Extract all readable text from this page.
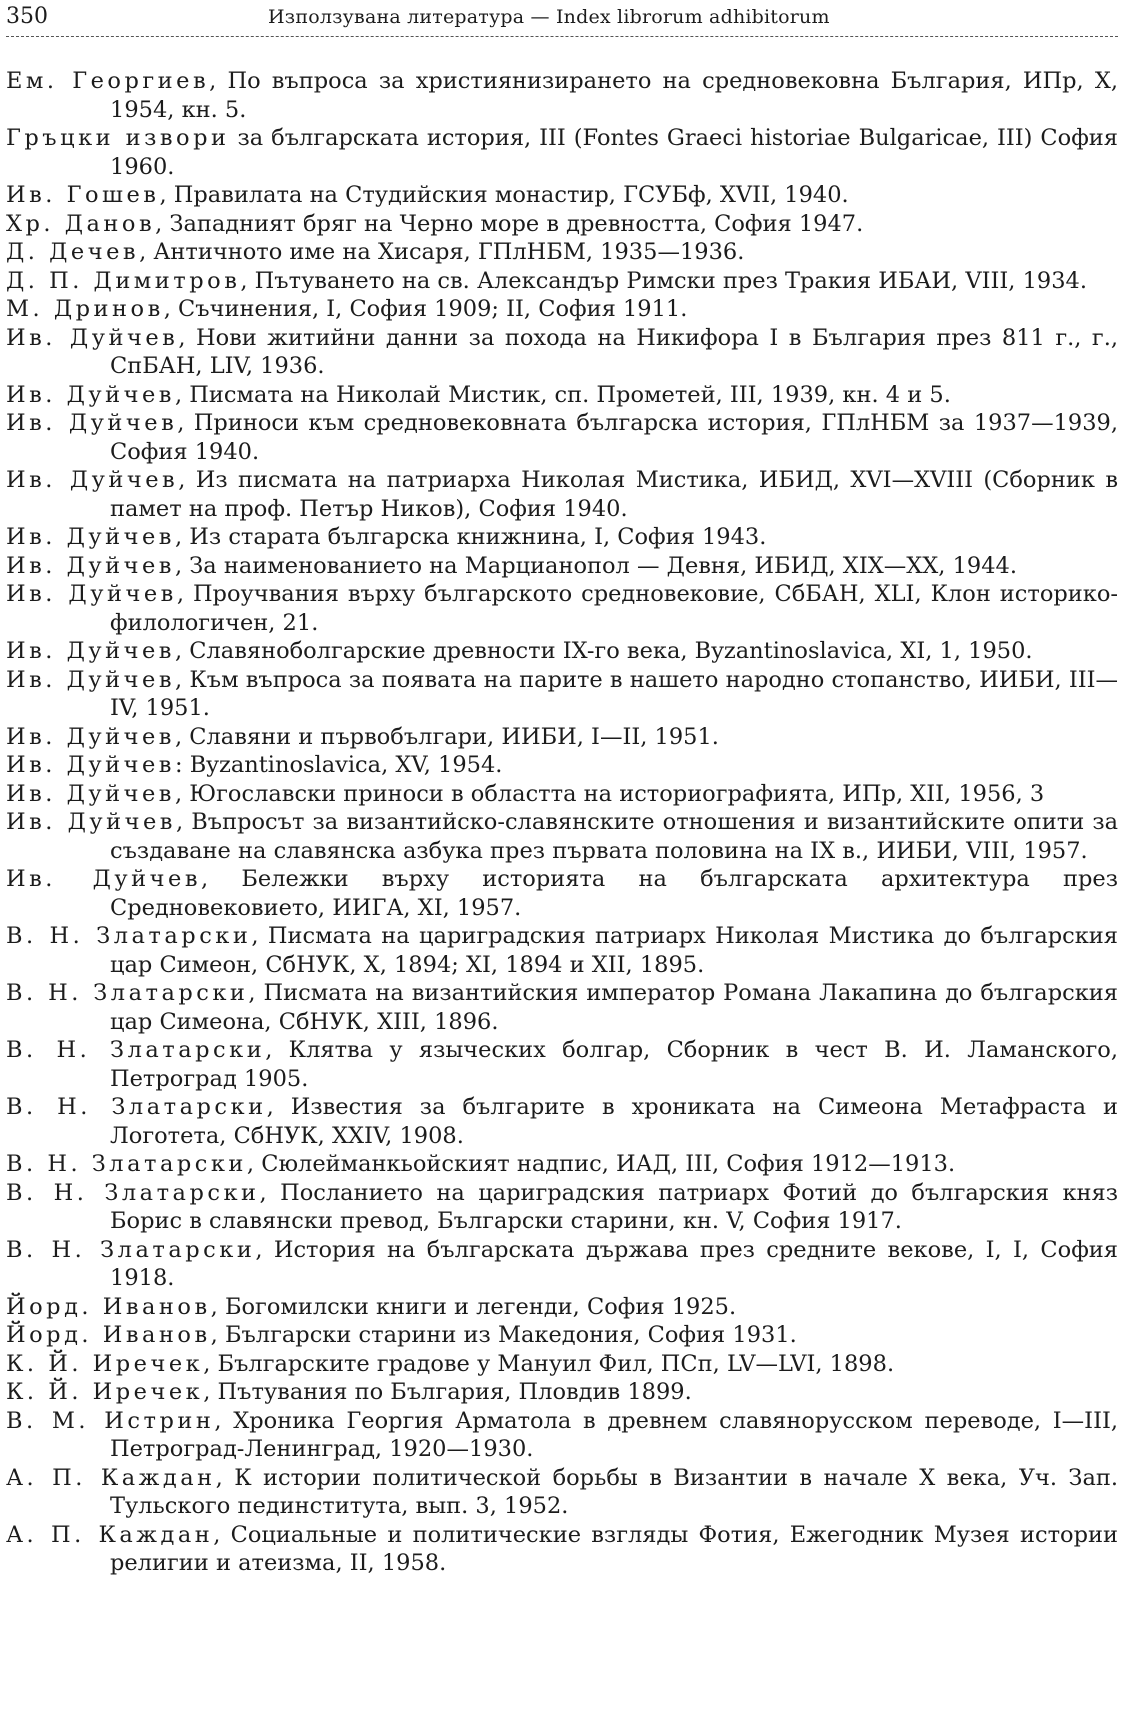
350	Използувана литература — Index librorum adhibitorum

Ем. Георгиев, По въпроса за християнизирането на средновековна България, ИПр, X, 1954, кн. 5.

Гръцки извори за българската история, III (Fontes Graeci historiae Bulgaricae, III) София 1960.

Ив. Гошев, Правилата на Студийския монастир, ГСУБф, XVII, 1940.

Хр. Данов, Западният бряг на Черно море в древността, София 1947.

Д. Дечев, Античното име на Хисаря, ГПлНБМ, 1935—1936.

Д. П. Димитров, Пътуването на св. Александър Римски през Тракия ИБАИ, VIII, 1934.

М. Дринов, Съчинения, I, София 1909; II, София 1911.

Ив. Дуйчев, Нови житийни данни за похода на Никифора I в България през 811 г., г., СпБАН, LIV, 1936.

Ив. Дуйчев, Писмата на Николай Мистик, сп. Прометей, III, 1939, кн. 4 и 5.

Ив. Дуйчев, Приноси към средновековната българска история, ГПлНБМ за 1937—1939, София 1940.

Ив. Дуйчев, Из писмата на патриарха Николая Мистика, ИБИД, XVI—XVIII (Сборник в памет на проф. Петър Ников), София 1940.

Ив. Дуйчев, Из старата българска книжнина, I, София 1943.

Ив. Дуйчев, За наименованието на Марцианопол — Девня, ИБИД, XIX—XX, 1944.

Ив. Дуйчев, Проучвания върху българското средновековие, СбБАН, XLI, Клон историко-филологичен, 21.

Ив. Дуйчев, Славянобoлгарские древности IX-го века, Byzantinoslavica, XI, 1, 1950.

Ив. Дуйчев, Към въпроса за появата на парите в нашето народно стопанство, ИИБИ, III—IV, 1951.

Ив. Дуйчев, Славяни и първобългари, ИИБИ, I—II, 1951.

Ив. Дуйчев: Byzantinoslavica, XV, 1954.

Ив. Дуйчев, Югославски приноси в областта на историографията, ИПр, XII, 1956, 3

Ив. Дуйчев, Въпросът за византийско-славянските отношения и византийските опити за създаване на славянска азбука през първата половина на IX в., ИИБИ, VIII, 1957.

Ив. Дуйчев, Бележки върху историята на българската архитектура през Средновековието, ИИГА, XI, 1957.

В. Н. Златарски, Писмата на цариградския патриарх Николая Мистика до българския цар Симеон, СбНУК, X, 1894; XI, 1894 и XII, 1895.

В. Н. Златарски, Писмата на византийския император Романа Лакапина до българския цар Симеона, СбНУК, XIII, 1896.

В. Н. Златарски, Клятва у языческих болгар, Сборник в чест В. И. Ламанского, Петроград 1905.

В. Н. Златарски, Известия за българите в хрониката на Симеона Метафраста и Логотета, СбНУК, XXIV, 1908.

В. Н. Златарски, Сюлейманкьойският надпис, ИАД, III, София 1912—1913.

В. Н. Златарски, Посланието на цариградския патриарх Фотий до българския княз Борис в славянски превод, Български старини, кн. V, София 1917.

В. Н. Златарски, История на българската държава през средните векове, I, I, София 1918.

Йорд. Иванов, Богомилски книги и легенди, София 1925.

Йорд. Иванов, Български старини из Македония, София 1931.

К. Й. Иречек, Българските градове у Мануил Фил, ПСп, LV—LVI, 1898.

К. Й. Иречек, Пътувания по България, Пловдив 1899.

В. М. Истрин, Хроника Георгия Арматола в древнем славянорусском переводе, I—III, Петроград-Ленинград, 1920—1930.

А. П. Каждан, К истории политической борьбы в Византии в начале X века, Уч. Зап. Тульского пединститута, вып. 3, 1952.

А. П. Каждан, Социальные и политические взгляды Фотия, Ежегодник Музея истории религии и атеизма, II, 1958.
